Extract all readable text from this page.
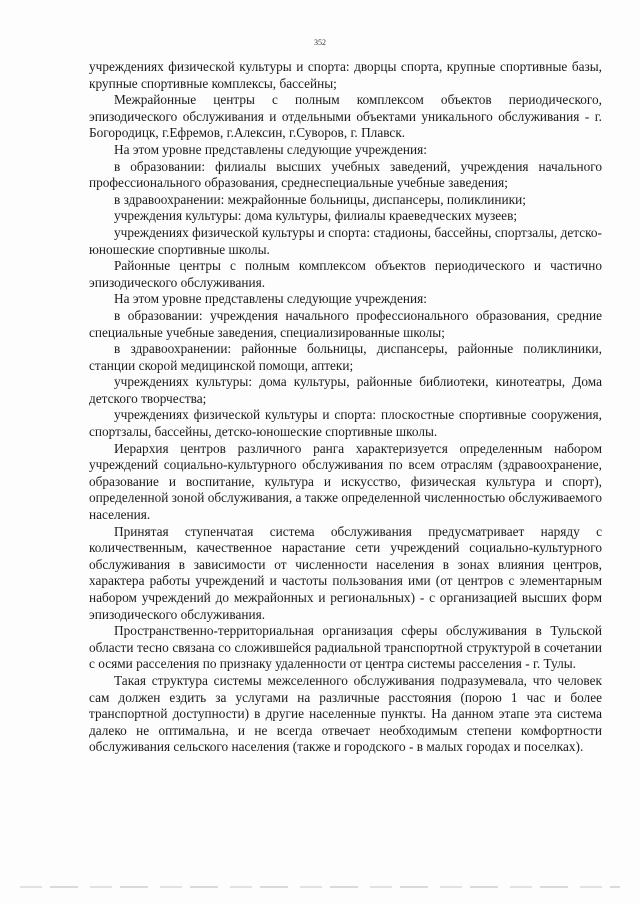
352

учреждениях физической культуры и спорта: дворцы спорта, крупные спортивные базы, крупные спортивные комплексы, бассейны;

Межрайонные центры с полным комплексом объектов периодического, эпизодического обслуживания и отдельными объектами уникального обслуживания - г. Богородицк, г.Ефремов, г.Алексин, г.Суворов, г. Плавск.

На этом уровне представлены следующие учреждения:

в образовании: филиалы высших учебных заведений, учреждения начального профессионального образования, среднеспециальные учебные заведения;

в здравоохранении: межрайонные больницы, диспансеры, поликлиники;

учреждения культуры: дома культуры, филиалы краеведческих музеев;

учреждениях физической культуры и спорта: стадионы, бассейны, спортзалы, детско-юношеские спортивные школы.

Районные центры с полным комплексом объектов периодического и частично эпизодического обслуживания.

На этом уровне представлены следующие учреждения:

в образовании: учреждения начального профессионального образования, средние специальные учебные заведения, специализированные школы;

в здравоохранении: районные больницы, диспансеры, районные поликлиники, станции скорой медицинской помощи, аптеки;

учреждениях культуры: дома культуры, районные библиотеки, кинотеатры, Дома детского творчества;

учреждениях физической культуры и спорта: плоскостные спортивные сооружения, спортзалы, бассейны, детско-юношеские спортивные школы.

Иерархия центров различного ранга характеризуется определенным набором учреждений социально-культурного обслуживания по всем отраслям (здравоохранение, образование и воспитание, культура и искусство, физическая культура и спорт), определенной зоной обслуживания, а также определенной численностью обслуживаемого населения.

Принятая ступенчатая система обслуживания предусматривает наряду с количественным, качественное нарастание сети учреждений социально-культурного обслуживания в зависимости от численности населения в зонах влияния центров, характера работы учреждений и частоты пользования ими (от центров с элементарным набором учреждений до межрайонных и региональных) - с организацией высших форм эпизодического обслуживания.

Пространственно-территориальная организация сферы обслуживания в Тульской области тесно связана со сложившейся радиальной транспортной структурой в сочетании с осями расселения по признаку удаленности от центра системы расселения - г. Тулы.

Такая структура системы межселенного обслуживания подразумевала, что человек сам должен ездить за услугами на различные расстояния (порою 1 час и более транспортной доступности) в другие населенные пункты. На данном этапе эта система далеко не оптимальна, и не всегда отвечает необходимым степени комфортности обслуживания сельского населения (также и городского - в малых городах и поселках).
